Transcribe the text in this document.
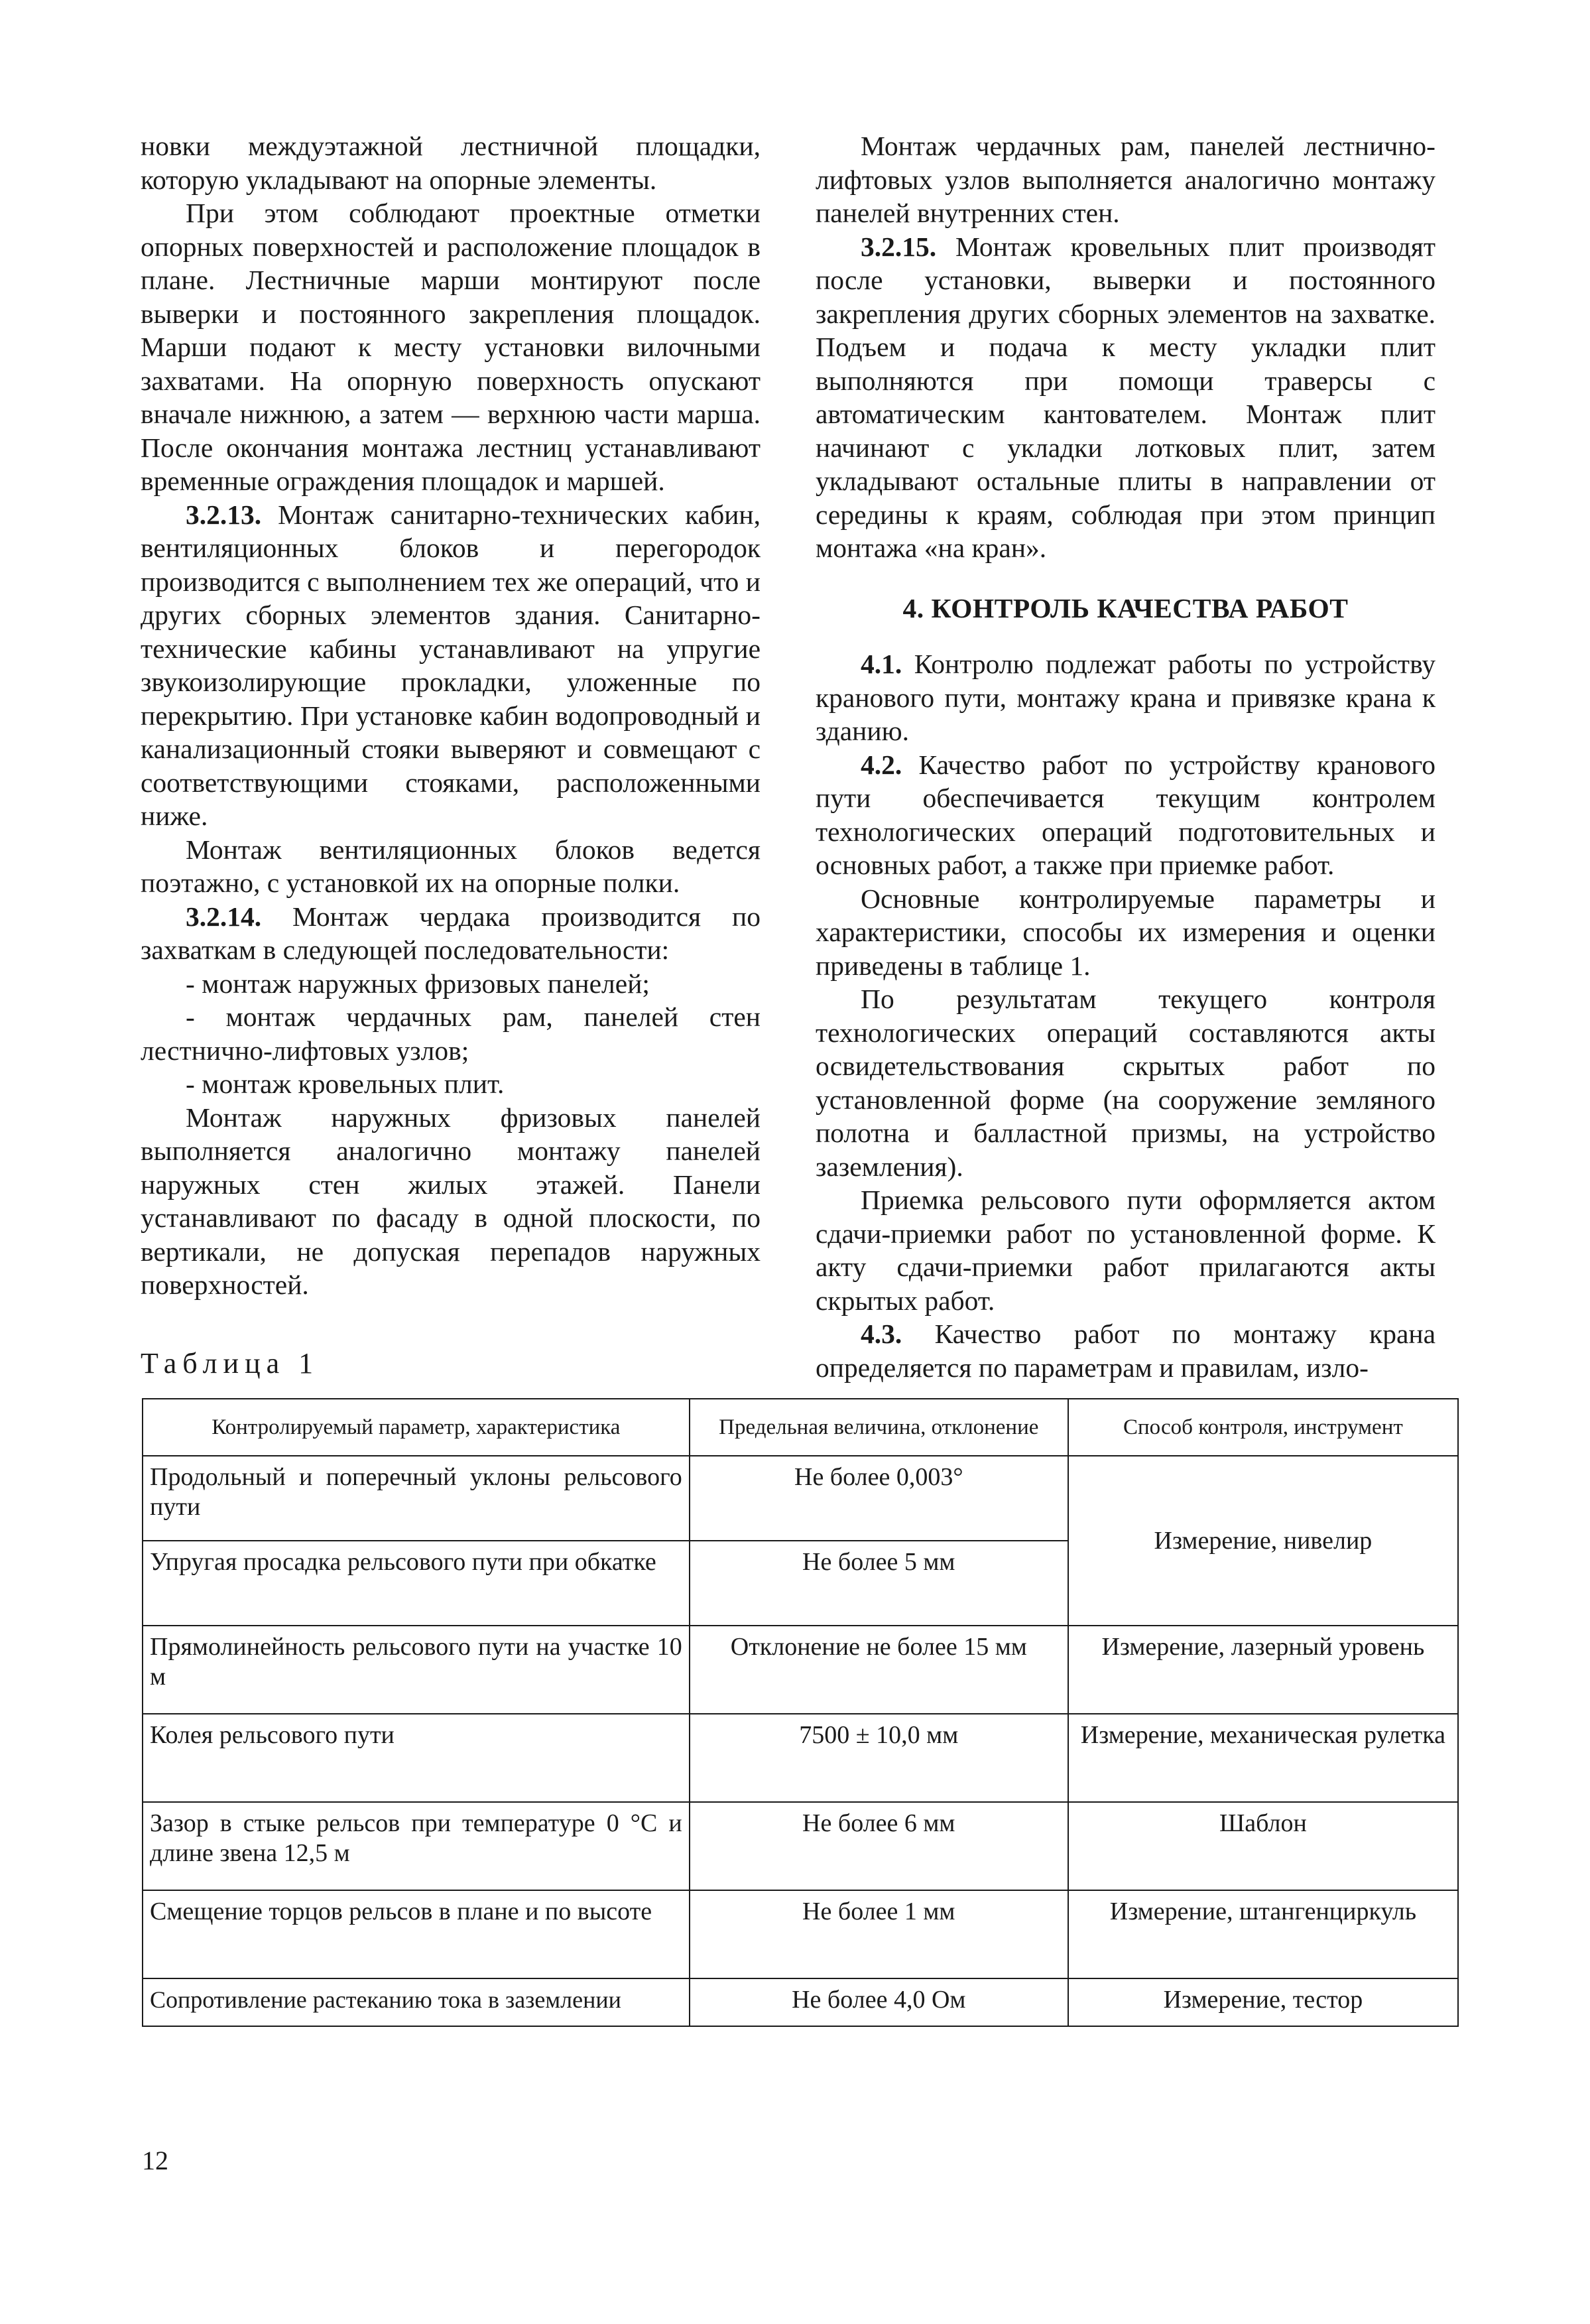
новки междуэтажной лестничной площадки, которую укладывают на опорные элементы.

При этом соблюдают проектные отметки опорных поверхностей и расположение площадок в плане. Лестничные марши монтируют после выверки и постоянного закрепления площадок. Марши подают к месту установки вилочными захватами. На опорную поверхность опускают вначале нижнюю, а затем — верхнюю части марша. После окончания монтажа лестниц устанавливают временные ограждения площадок и маршей.

3.2.13. Монтаж санитарно-технических кабин, вентиляционных блоков и перегородок производится с выполнением тех же операций, что и других сборных элементов здания. Санитарно-технические кабины устанавливают на упругие звукоизолирующие прокладки, уложенные по перекрытию. При установке кабин водопроводный и канализационный стояки выверяют и совмещают с соответствующими стояками, расположенными ниже.

Монтаж вентиляционных блоков ведется поэтажно, с установкой их на опорные полки.

3.2.14. Монтаж чердака производится по захваткам в следующей последовательности:

- монтаж наружных фризовых панелей;

- монтаж чердачных рам, панелей стен лестнично-лифтовых узлов;

- монтаж кровельных плит.

Монтаж наружных фризовых панелей выполняется аналогично монтажу панелей наружных стен жилых этажей. Панели устанавливают по фасаду в одной плоскости, по вертикали, не допуская перепадов наружных поверхностей.

Монтаж чердачных рам, панелей лестнично-лифтовых узлов выполняется аналогично монтажу панелей внутренних стен.

3.2.15. Монтаж кровельных плит производят после установки, выверки и постоянного закрепления других сборных элементов на захватке. Подъем и подача к месту укладки плит выполняются при помощи траверсы с автоматическим кантователем. Монтаж плит начинают с укладки лотковых плит, затем укладывают остальные плиты в направлении от середины к краям, соблюдая при этом принцип монтажа «на кран».

4. КОНТРОЛЬ КАЧЕСТВА РАБОТ

4.1. Контролю подлежат работы по устройству кранового пути, монтажу крана и привязке крана к зданию.

4.2. Качество работ по устройству кранового пути обеспечивается текущим контролем технологических операций подготовительных и основных работ, а также при приемке работ.

Основные контролируемые параметры и характеристики, способы их измерения и оценки приведены в таблице 1.

По результатам текущего контроля технологических операций составляются акты освидетельствования скрытых работ по установленной форме (на сооружение земляного полотна и балластной призмы, на устройство заземления).

Приемка рельсового пути оформляется актом сдачи-приемки работ по установленной форме. К акту сдачи-приемки работ прилагаются акты скрытых работ.

4.3. Качество работ по монтажу крана определяется по параметрам и правилам, изло-

Таблица 1
Контролируемый параметр, характеристика	Предельная величина, отклонение	Способ контроля, инструмент
Продольный и поперечный уклоны рельсового пути	Не более 0,003°	Измерение, нивелир
Упругая просадка рельсового пути при обкатке	Не более 5 мм	
Прямолинейность рельсового пути на участке 10 м	Отклонение не более 15 мм	Измерение, лазерный уровень
Колея рельсового пути	7500 ± 10,0 мм	Измерение, механическая рулетка
Зазор в стыке рельсов при температуре 0 °С и длине звена 12,5 м	Не более 6 мм	Шаблон
Смещение торцов рельсов в плане и по высоте	Не более 1 мм	Измерение, штангенциркуль
Сопротивление растеканию тока в заземлении	Не более 4,0 Ом	Измерение, тестор
12
